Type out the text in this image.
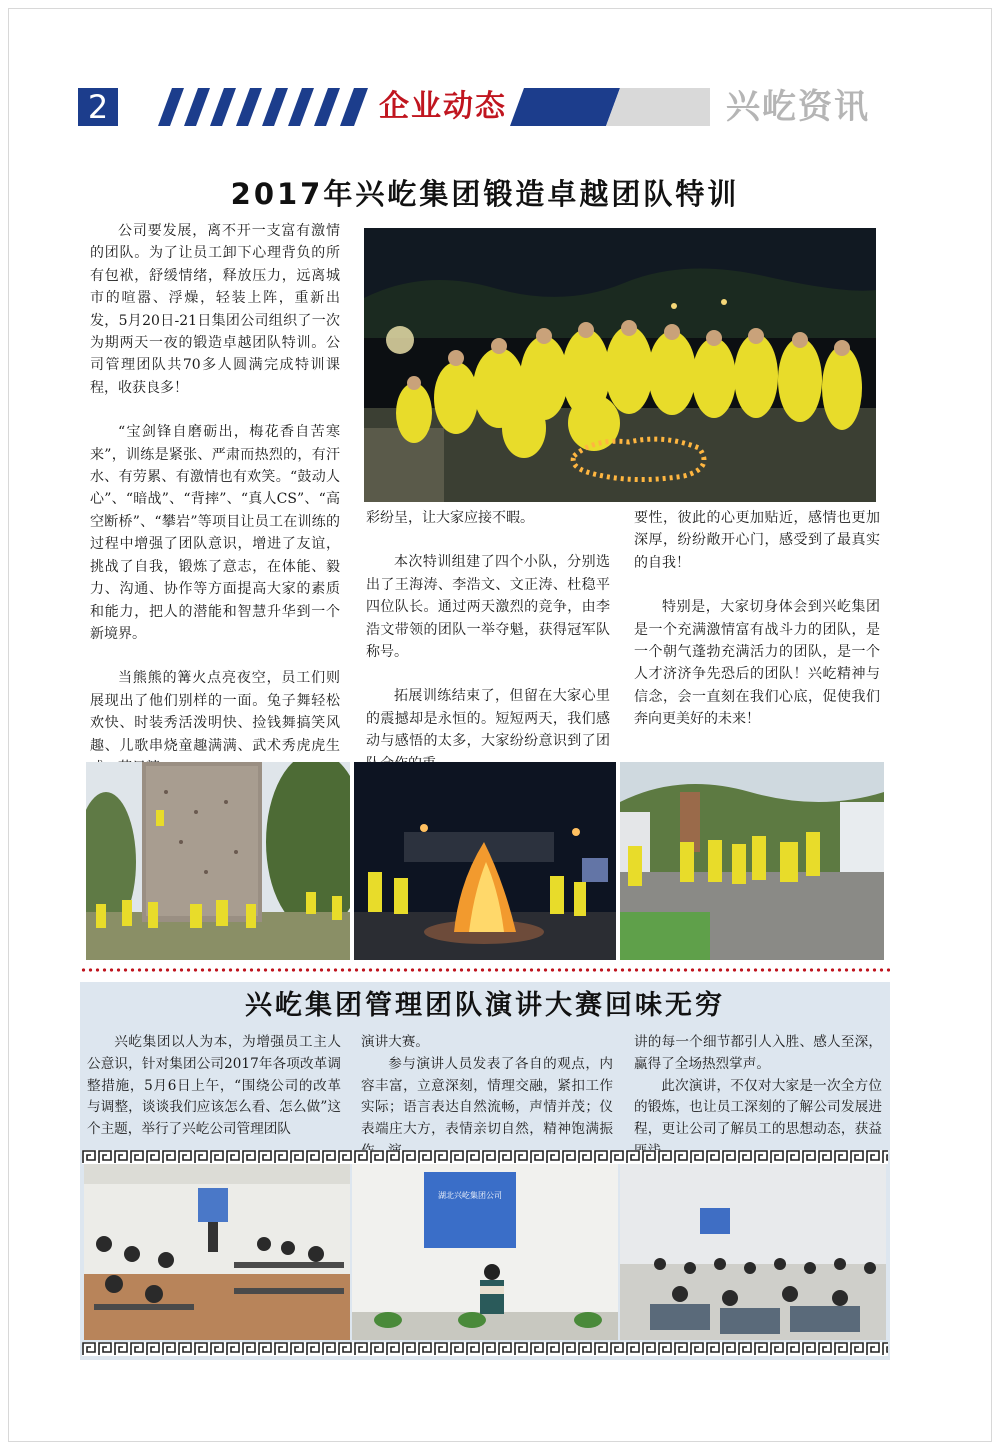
2	企业动态	兴屹资讯
2017年兴屹集团锻造卓越团队特训

公司要发展，离不开一支富有激情的团队。为了让员工卸下心理背负的所有包袱，舒缓情绪，释放压力，远离城市的喧嚣、浮燥，轻装上阵，重新出发，5月20日-21日集团公司组织了一次为期两天一夜的锻造卓越团队特训。公司管理团队共70多人圆满完成特训课程，收获良多！

“宝剑锋自磨砺出，梅花香自苦寒来”，训练是紧张、严肃而热烈的，有汗水、有劳累、有激情也有欢笑。“鼓动人心”、“暗战”、“背摔”、“真人CS”、“高空断桥”、“攀岩”等项目让员工在训练的过程中增强了团队意识，增进了友谊，挑战了自我，锻炼了意志，在体能、毅力、沟通、协作等方面提高大家的素质和能力，把人的潜能和智慧升华到一个新境界。

当熊熊的篝火点亮夜空，员工们则展现出了他们别样的一面。兔子舞轻松欢快、时装秀活泼明快、捡钱舞搞笑风趣、儿歌串烧童趣满满、武术秀虎虎生

彩纷呈，让大家应接不暇。

本次特训组建了四个小队，分别选出了王海涛、李浩文、文正涛、杜稳平四位队长。通过两天激烈的竞争，由李浩文带领的团队一举夺魁，获得冠军队称号。

拓展训练结束了，但留在大家心里的震撼却是永恒的。短短两天，我们感动与感悟的太多，大家纷纷意识到了团

要性，彼此的心更加贴近，感情也更加深厚，纷纷敞开心门，感受到了最真实的自我！

特别是，大家切身体会到兴屹集团是一个充满激情富有战斗力的团队，是一个朝气蓬勃充满活力的团队，是一个人才济济争先恐后的团队！兴屹精神与信念，会一直刻在我们心底，促使我们奔向更美好的未来！

兴屹集团管理团队演讲大赛回味无穷

兴屹集团以人为本，为增强员工主人公意识，针对集团公司2017年各项改革调整措施，5月6日上午，“围绕公司的改革与调整，谈谈我们应该怎么看、怎么做”这个主题，举行了兴屹公司管理团队

演讲大赛。

参与演讲人员发表了各自的观点，内容丰富，立意深刻，情理交融，紧扣工作实际；语言表达自然流畅，声情并茂；仪表端庄大方，表情亲切自然，精神饱满振

讲的每一个细节都引人入胜、感人至深，赢得了全场热烈掌声。

此次演讲，不仅对大家是一次全方位的锻炼，也让员工深刻的了解公司发展进程，更让公司了解员工的思想动态，获益

湖北兴屹集团公司
